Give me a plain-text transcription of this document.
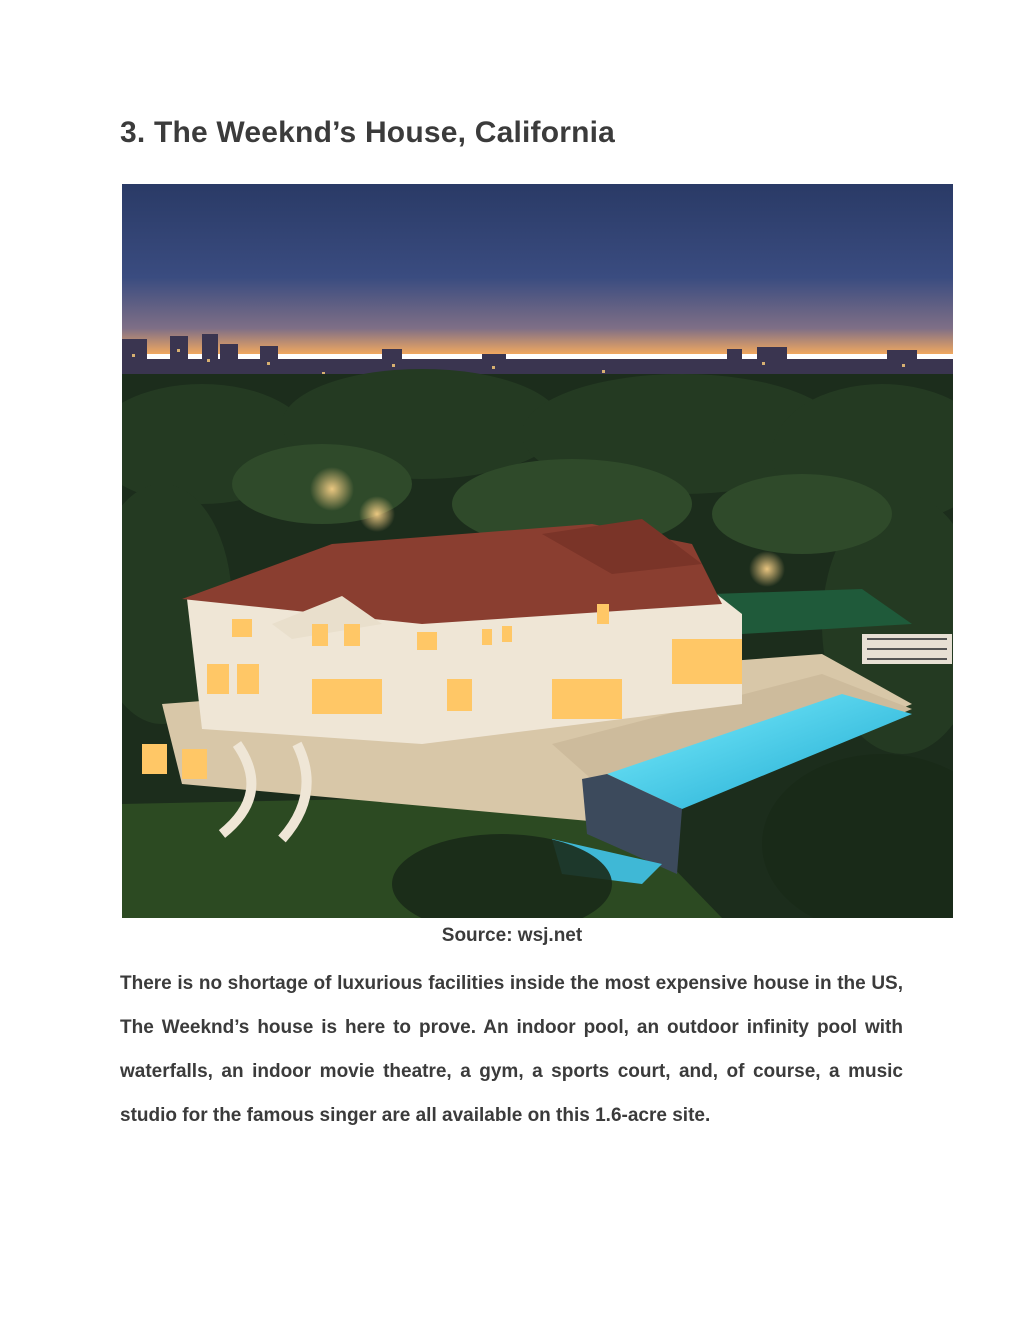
3. The Weeknd’s House, California
Source: wsj.net

There is no shortage of luxurious facilities inside the most expensive house in the US, The Weeknd’s house is here to prove. An indoor pool, an outdoor infinity pool with waterfalls, an indoor movie theatre, a gym, a sports court, and, of course, a music studio for the famous singer are all available on this 1.6-acre site.
